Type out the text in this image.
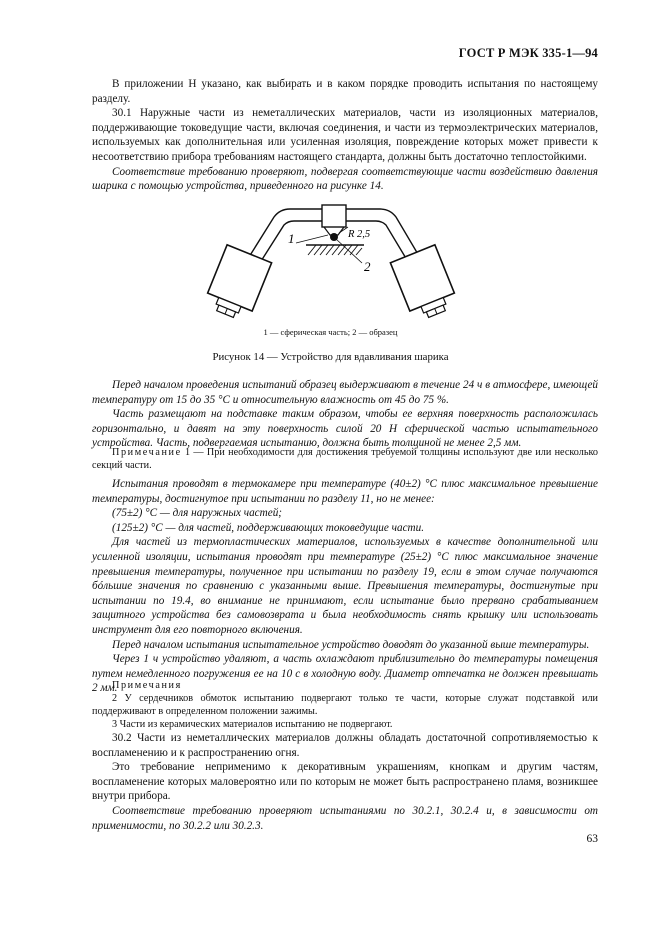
ГОСТ Р МЭК 335-1—94

В приложении Н указано, как выбирать и в каком порядке проводить испытания по настоящему разделу.

30.1 Наружные части из неметаллических материалов, части из изоляционных материалов, поддерживающие токоведущие части, включая соединения, и части из термоэлектрических материалов, используемых как дополнительная или усиленная изоляция, повреждение которых может привести к несоответствию прибора требованиям настоящего стандарта, должны быть достаточно теплостойкими.

Соответствие требованию проверяют, подвергая соответствующие части воздействию давления шарика с помощью устройства, приведенного на рисунке 14.

1
2
R 2,5
1 — сферическая часть; 2 — образец
Рисунок 14 — Устройство для вдавливания шарика

Перед началом проведения испытаний образец выдерживают в течение 24 ч в атмосфере, имеющей температуру от 15 до 35 °С и относительную влажность от 45 до 75 %.

Часть размещают на подставке таким образом, чтобы ее верхняя поверхность расположилась горизонтально, и давят на эту поверхность силой 20 Н сферической частью испытательного устройства. Часть, подвергаемая испытанию, должна быть толщиной не менее 2,5 мм.

Примечание 1 — При необходимости для достижения требуемой толщины используют две или несколько секций части.

Испытания проводят в термокамере при температуре (40±2) °С плюс максимальное превышение температуры, достигнутое при испытании по разделу 11, но не менее:

(75±2) °С — для наружных частей;

(125±2) °С — для частей, поддерживающих токоведущие части.

Для частей из термопластических материалов, используемых в качестве дополнительной или усиленной изоляции, испытания проводят при температуре (25±2) °С плюс максимальное значение превышения температуры, полученное при испытании по разделу 19, если в этом случае получаются бóльшие значения по сравнению с указанными выше. Превышения температуры, достигнутые при испытании по 19.4, во внимание не принимают, если испытание было прервано срабатыванием защитного устройства без самовозврата и была необходимость снять крышку или использовать инструмент для его повторного включения.

Перед началом испытания испытательное устройство доводят до указанной выше температуры.

Через 1 ч устройство удаляют, а часть охлаждают приблизительно до температуры помещения путем немедленного погружения ее на 10 с в холодную воду. Диаметр отпечатка не должен превышать 2 мм.

Примечания

2 У сердечников обмоток испытанию подвергают только те части, которые служат подставкой или поддерживают в определенном положении зажимы.

3 Части из керамических материалов испытанию не подвергают.

30.2 Части из неметаллических материалов должны обладать достаточной сопротивляемостью к воспламенению и к распространению огня.

Это требование неприменимо к декоративным украшениям, кнопкам и другим частям, воспламенение которых маловероятно или по которым не может быть распространено пламя, возникшее внутри прибора.

Соответствие требованию проверяют испытаниями по 30.2.1, 30.2.4 и, в зависимости от применимости, по 30.2.2 или 30.2.3.

63
